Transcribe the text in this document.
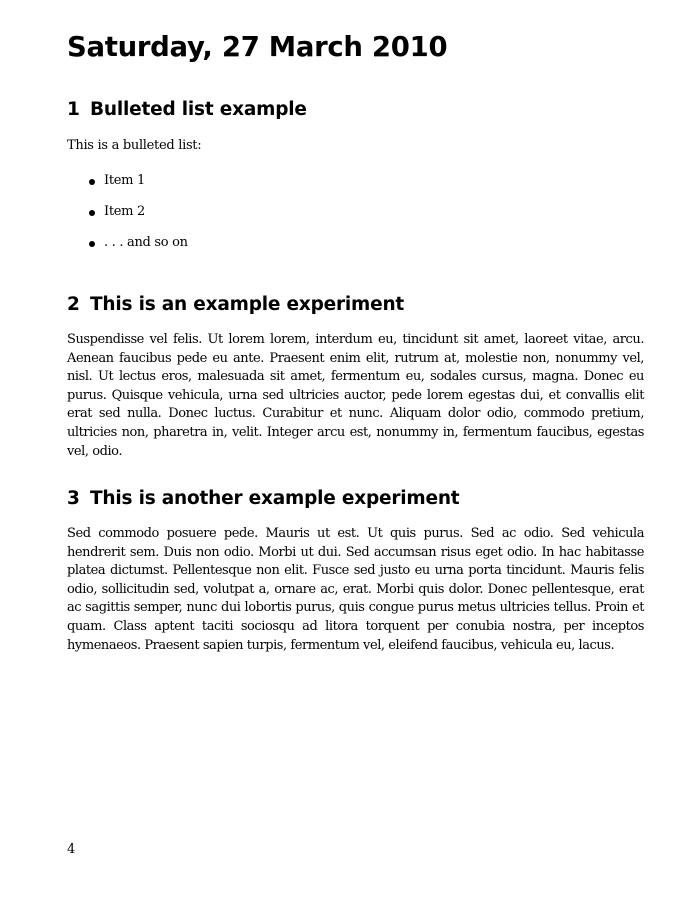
Saturday, 27 March 2010
1 Bulleted list example

This is a bulleted list:

Item 1
Item 2
. . . and so on
2 This is an example experiment

Suspendisse vel felis. Ut lorem lorem, interdum eu, tincidunt sit amet, laoreet vitae, arcu. Aenean faucibus pede eu ante. Praesent enim elit, rutrum at, molestie non, nonummy vel, nisl. Ut lectus eros, malesuada sit amet, fermentum eu, sodales cursus, magna. Donec eu purus. Quisque vehicula, urna sed ultricies auctor, pede lorem egestas dui, et convallis elit erat sed nulla. Donec luctus. Curabitur et nunc. Aliquam dolor odio, commodo pretium, ultricies non, pharetra in, velit. Integer arcu est, nonummy in, fermentum faucibus, egestas vel, odio.

3 This is another example experiment

Sed commodo posuere pede. Mauris ut est. Ut quis purus. Sed ac odio. Sed vehicula hendrerit sem. Duis non odio. Morbi ut dui. Sed accumsan risus eget odio. In hac habitasse platea dictumst. Pellentesque non elit. Fusce sed justo eu urna porta tincidunt. Mauris felis odio, sollicitudin sed, volutpat a, ornare ac, erat. Morbi quis dolor. Donec pellentesque, erat ac sagittis semper, nunc dui lobortis purus, quis congue purus metus ultricies tellus. Proin et quam. Class aptent taciti sociosqu ad litora torquent per conubia nostra, per inceptos hymenaeos. Praesent sapien turpis, fermentum vel, eleifend faucibus, vehicula eu, lacus.

4
